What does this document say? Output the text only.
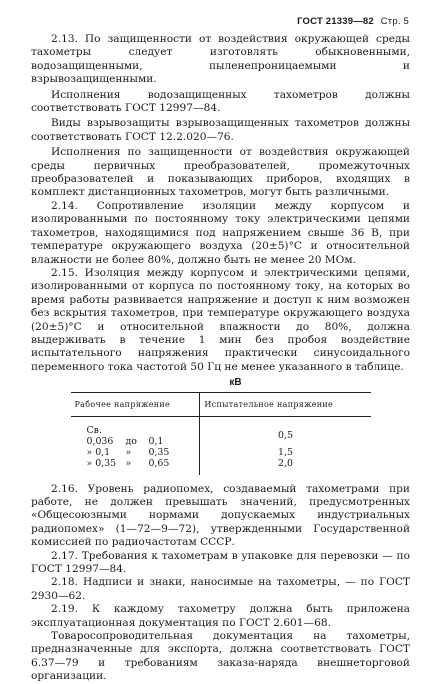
ГОСТ 21339—82 Стр. 5

2.13. По защищенности от воздействия окружающей среды тахометры следует изготовлять обыкновенными, водозащищенными, пыленепроницаемыми и взрывозащищенными.

Исполнения водозащищенных тахометров должны соответствовать ГОСТ 12997—84.

Виды взрывозащиты взрывозащищенных тахометров должны соответствовать ГОСТ 12.2.020—76.

Исполнения по защищенности от воздействия окружающей среды первичных преобразователей, промежуточных преобразователей и показывающих приборов, входящих в комплект дистанционных тахометров, могут быть различными.

2.14. Сопротивление изоляции между корпусом и изолированными по постоянному току электрическими цепями тахометров, находящимися под напряжением свыше 36 В, при температуре окружающего воздуха (20±5)°С и относительной влажности не более 80%, должно быть не менее 20 МОм.

2.15. Изоляция между корпусом и электрическими цепями, изолированными от корпуса по постоянному току, на которых во время работы развивается напряжение и доступ к ним возможен без вскрытия тахометров, при температуре окружающего воздуха (20±5)°С и относительной влажности до 80%, должна выдерживать в течение 1 мин без пробоя воздействие испытательного напряжения практически синусоидального переменного тока частотой 50 Гц не менее указанного в таблице.

кВ
Рабочее напряжение	Испытательное напряжение
Св. 0,036 до 0,1	0,5
» 0,1 » 0,35	1,5
» 0,35 » 0,65	2,0

2.16. Уровень радиопомех, создаваемый тахометрами при работе, не должен превышать значений, предусмотренных «Общесоюзными нормами допускаемых индустриальных радиопомех» (1—72—9—72), утвержденными Государственной комиссией по радиочастотам СССР.

2.17. Требования к тахометрам в упаковке для перевозки — по ГОСТ 12997—84.

2.18. Надписи и знаки, наносимые на тахометры, — по ГОСТ 2930—62.

2.19. К каждому тахометру должна быть приложена эксплуатационная документация по ГОСТ 2.601—68.

Товаросопроводительная документация на тахометры, предназначенные для экспорта, должна соответствовать ГОСТ 6.37—79 и требованиям заказа-наряда внешнеторговой организации.
